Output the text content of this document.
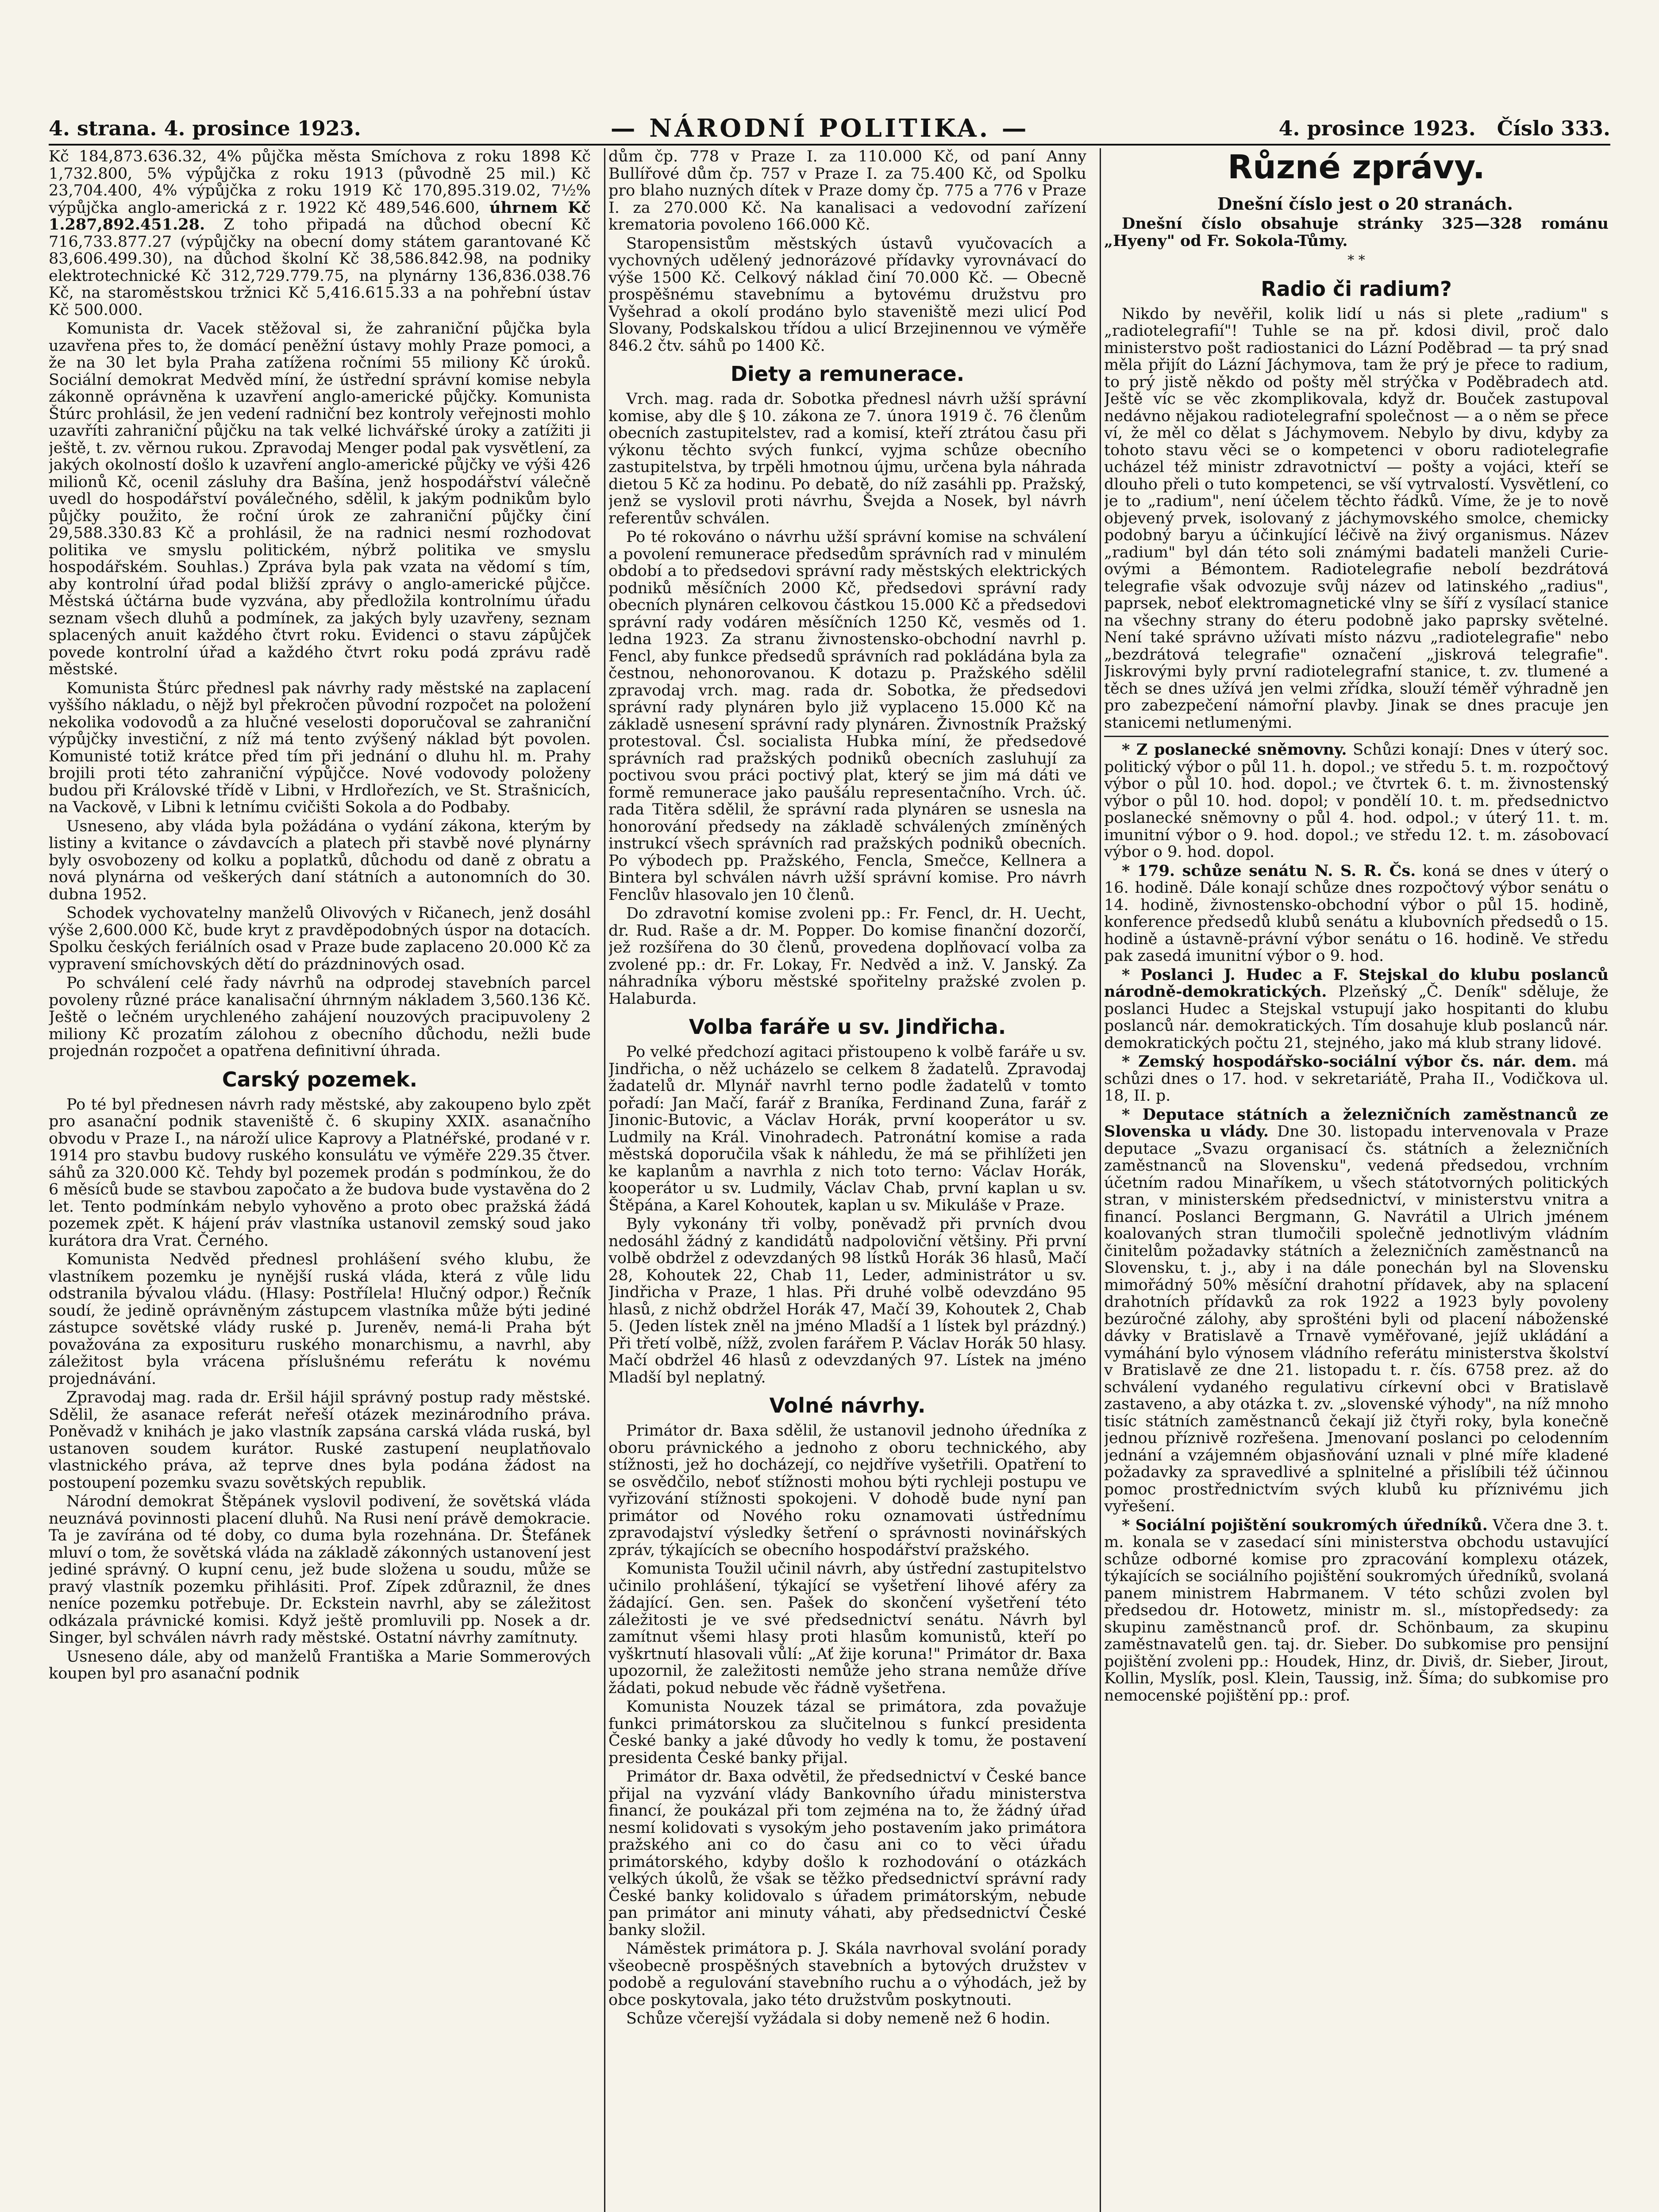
4. strana. 4. prosince 1923.	— NÁRODNÍ POLITIKA. —	4. prosince 1923. Číslo 333.

Kč 184,873.636.32, 4% půjčka města Smíchova z roku 1898 Kč 1,732.800, 5% výpůjčka z roku 1913 (původně 25 mil.) Kč 23,704.400, 4% výpůjčka z roku 1919 Kč 170,895.319.02, 7½% výpůjčka anglo-americká z r. 1922 Kč 489,546.600, úhrnem Kč 1.287,892.451.28. Z toho připadá na důchod obecní Kč 716,733.877.27 (výpůjčky na obecní domy státem garantované Kč 83,606.499.30), na důchod školní Kč 38,586.842.98, na podniky elektrotechnické Kč 312,729.779.75, na plynárny 136,836.038.76 Kč, na staroměstskou tržnici Kč 5,416.615.33 a na pohřební ústav Kč 500.000.

Komunista dr. Vacek stěžoval si, že zahraniční půjčka byla uzavřena přes to, že domácí peněžní ústavy mohly Praze pomoci, a že na 30 let byla Praha zatížena ročními 55 miliony Kč úroků. Sociální demokrat Medvěd míní, že ústřední správní komise nebyla zákonně oprávněna k uzavření anglo-americké půjčky. Komunista Štúrc prohlásil, že jen vedení radniční bez kontroly veřejnosti mohlo uzavříti zahraniční půjčku na tak velké lichvářské úroky a zatížiti ji ještě, t. zv. věrnou rukou. Zpravodaj Menger podal pak vysvětlení, za jakých okolností došlo k uzavření anglo-americké půjčky ve výši 426 milionů Kč, ocenil zásluhy dra Bašína, jenž hospodářství válečně uvedl do hospodářství poválečného, sdělil, k jakým podnikům bylo půjčky použito, že roční úrok ze zahraniční půjčky činí 29,588.330.83 Kč a prohlásil, že na radnici nesmí rozhodovat politika ve smyslu politickém, nýbrž politika ve smyslu hospodářském. Souhlas.) Zpráva byla pak vzata na vědomí s tím, aby kontrolní úřad podal bližší zprávy o anglo-americké půjčce. Městská účtárna bude vyzvána, aby předložila kontrolnímu úřadu seznam všech dluhů a podmínek, za jakých byly uzavřeny, seznam splacených anuit každého čtvrt roku. Evidenci o stavu zápůjček povede kontrolní úřad a každého čtvrt roku podá zprávu radě městské.

Komunista Štúrc přednesl pak návrhy rady městské na zaplacení vyššího nákladu, o nějž byl překročen původní rozpočet na položení nekolika vodovodů a za hlučné veselosti doporučoval se zahraniční výpůjčky investiční, z níž má tento zvýšený náklad být povolen. Komunisté totiž krátce před tím při jednání o dluhu hl. m. Prahy brojili proti této zahraniční výpůjčce. Nové vodovody položeny budou při Královské třídě v Libni, v Hrdlořezích, ve St. Strašnicích, na Vackově, v Libni k letnímu cvičišti Sokola a do Podbaby.

Usneseno, aby vláda byla požádána o vydání zákona, kterým by listiny a kvitance o závdavcích a platech při stavbě nové plynárny byly osvobozeny od kolku a poplatků, důchodu od daně z obratu a nová plynárna od veškerých daní státních a autonomních do 30. dubna 1952.

Schodek vychovatelny manželů Olivových v Ričanech, jenž dosáhl výše 2,600.000 Kč, bude kryt z pravděpodobných úspor na dotacích. Spolku českých feriálních osad v Praze bude zaplaceno 20.000 Kč za vypravení smíchovských dětí do prázdninových osad.

Po schválení celé řady návrhů na odprodej stavebních parcel povoleny různé práce kanalisační úhrnným nákladem 3,560.136 Kč. Ještě o lečném urychleného zahájení nouzových pracipuvoleny 2 miliony Kč prozatím zálohou z obecního důchodu, nežli bude projednán rozpočet a opatřena definitivní úhrada.

Carský pozemek.

Po té byl přednesen návrh rady městské, aby zakoupeno bylo zpět pro asanační podnik staveniště č. 6 skupiny XXIX. asanačního obvodu v Praze I., na nároží ulice Kaprovy a Platnéřské, prodané v r. 1914 pro stavbu budovy ruského konsulátu ve výměře 229.35 čtver. sáhů za 320.000 Kč. Tehdy byl pozemek prodán s podmínkou, že do 6 měsíců bude se stavbou započato a že budova bude vystavěna do 2 let. Tento podmínkám nebylo vyhověno a proto obec pražská žádá pozemek zpět. K hájení práv vlastníka ustanovil zemský soud jako kurátora dra Vrat. Černého.

Komunista Nedvěd přednesl prohlášení svého klubu, že vlastníkem pozemku je nynější ruská vláda, která z vůle lidu odstranila bývalou vládu. (Hlasy: Postřílela! Hlučný odpor.) Řečník soudí, že jedině oprávněným zástupcem vlastníka může býti jediné zástupce sovětské vlády ruské p. Jureněv, nemá-li Praha být považována za exposituru ruského monarchismu, a navrhl, aby záležitost byla vrácena příslušnému referátu k novému projednávání.

Zpravodaj mag. rada dr. Eršil hájil správný postup rady městské. Sdělil, že asanace referát neřeší otázek mezinárodního práva. Poněvadž v knihách je jako vlastník zapsána carská vláda ruská, byl ustanoven soudem kurátor. Ruské zastupení neuplatňovalo vlastnického práva, až teprve dnes byla podána žádost na postoupení pozemku svazu sovětských republik.

Národní demokrat Štěpánek vyslovil podivení, že sovětská vláda neuznává povinnosti placení dluhů. Na Rusi není právě demokracie. Ta je zavírána od té doby, co duma byla rozehnána. Dr. Štefánek mluví o tom, že sovětská vláda na základě zákonných ustanovení jest jediné správný. O kupní cenu, jež bude složena u soudu, může se pravý vlastník pozemku přihlásiti. Prof. Zípek zdůraznil, že dnes neníce pozemku potřebuje. Dr. Eckstein navrhl, aby se záležitost odkázala právnické komisi. Když ještě promluvili pp. Nosek a dr. Singer, byl schválen návrh rady městské. Ostatní návrhy zamítnuty.

Usneseno dále, aby od manželů Františka a Marie Sommerových koupen byl pro asanační podnik

dům čp. 778 v Praze I. za 110.000 Kč, od paní Anny Bullířové dům čp. 757 v Praze I. za 75.400 Kč, od Spolku pro blaho nuzných dítek v Praze domy čp. 775 a 776 v Praze I. za 270.000 Kč. Na kanalisaci a vedovodní zařízení krematoria povoleno 166.000 Kč.

Staropensistům městských ústavů vyučovacích a vychovných udělený jednorázové přídavky vyrovnávací do výše 1500 Kč. Celkový náklad činí 70.000 Kč. — Obecně prospěšnému stavebnímu a bytovému družstvu pro Vyšehrad a okolí prodáno bylo staveniště mezi ulicí Pod Slovany, Podskalskou třídou a ulicí Brzejinennou ve výměře 846.2 čtv. sáhů po 1400 Kč.

Diety a remunerace.

Vrch. mag. rada dr. Sobotka přednesl návrh užší správní komise, aby dle § 10. zákona ze 7. února 1919 č. 76 členům obecních zastupitelstev, rad a komisí, kteří ztrátou času při výkonu těchto svých funkcí, vyjma schůze obecního zastupitelstva, by trpěli hmotnou újmu, určena byla náhrada dietou 5 Kč za hodinu. Po debatě, do níž zasáhli pp. Pražský, jenž se vyslovil proti návrhu, Švejda a Nosek, byl návrh referentův schválen.

Po té rokováno o návrhu užší správní komise na schválení a povolení remunerace předsedům správních rad v minulém období a to předsedovi správní rady městských elektrických podniků měsíčních 2000 Kč, předsedovi správní rady obecních plynáren celkovou částkou 15.000 Kč a předsedovi správní rady vodáren měsíčních 1250 Kč, vesměs od 1. ledna 1923. Za stranu živnostensko-obchodní navrhl p. Fencl, aby funkce předsedů správních rad pokládána byla za čestnou, nehonorovanou. K dotazu p. Pražského sdělil zpravodaj vrch. mag. rada dr. Sobotka, že předsedovi správní rady plynáren bylo již vyplaceno 15.000 Kč na základě usnesení správní rady plynáren. Živnostník Pražský protestoval. Čsl. socialista Hubka míní, že předsedové správních rad pražských podniků obecních zasluhují za poctivou svou práci poctivý plat, který se jim má dáti ve formě remunerace jako paušálu representačního. Vrch. úč. rada Titěra sdělil, že správní rada plynáren se usnesla na honorování předsedy na základě schválených zmíněných instrukcí všech správních rad pražských podniků obecních. Po výbodech pp. Pražského, Fencla, Smečce, Kellnera a Bintera byl schválen návrh užší správní komise. Pro návrh Fenclův hlasovalo jen 10 členů.

Do zdravotní komise zvoleni pp.: Fr. Fencl, dr. H. Uecht, dr. Rud. Raše a dr. M. Popper. Do komise finanční dozorčí, jež rozšířena do 30 členů, provedena doplňovací volba za zvolené pp.: dr. Fr. Lokay, Fr. Nedvěd a inž. V. Janský. Za náhradníka výboru městské spořitelny pražské zvolen p. Halaburda.

Volba faráře u sv. Jindřicha.

Po velké předchozí agitaci přistoupeno k volbě faráře u sv. Jindřicha, o něž ucházelo se celkem 8 žadatelů. Zpravodaj žadatelů dr. Mlynář navrhl terno podle žadatelů v tomto pořadí: Jan Mačí, farář z Braníka, Ferdinand Zuna, farář z Jinonic-Butovic, a Václav Horák, první kooperátor u sv. Ludmily na Král. Vinohradech. Patronátní komise a rada městská doporučila však k náhledu, že má se přihlížeti jen ke kaplanům a navrhla z nich toto terno: Václav Horák, kooperátor u sv. Ludmily, Václav Chab, první kaplan u sv. Štěpána, a Karel Kohoutek, kaplan u sv. Mikuláše v Praze.

Byly vykonány tři volby, poněvadž při prvních dvou nedosáhl žádný z kandidátů nadpoloviční většiny. Při první volbě obdržel z odevzdaných 98 lístků Horák 36 hlasů, Mačí 28, Kohoutek 22, Chab 11, Leder, administrátor u sv. Jindřicha v Praze, 1 hlas. Při druhé volbě odevzdáno 95 hlasů, z nichž obdržel Horák 47, Mačí 39, Kohoutek 2, Chab 5. (Jeden lístek zněl na jméno Mladší a 1 lístek byl prázdný.) Při třetí volbě, nížž, zvolen farářem P. Václav Horák 50 hlasy. Mačí obdržel 46 hlasů z odevzdaných 97. Lístek na jméno Mladší byl neplatný.

Volné návrhy.

Primátor dr. Baxa sdělil, že ustanovil jednoho úředníka z oboru právnického a jednoho z oboru technického, aby stížnosti, jež ho docházejí, co nejdříve vyšetřili. Opatření to se osvědčilo, neboť stížnosti mohou býti rychleji postupu ve vyřizování stížnosti spokojeni. V dohodě bude nyní pan primátor od Nového roku oznamovati ústřednímu zpravodajství výsledky šetření o správnosti novinářských zpráv, týkajících se obecního hospodářství pražského.

Komunista Toužil učinil návrh, aby ústřední zastupitelstvo učinilo prohlášení, týkající se vyšetření lihové aféry za žádající. Gen. sen. Pašek do skončení vyšetření této záležitosti je ve své předsednictví senátu. Návrh byl zamítnut všemi hlasy proti hlasům komunistů, kteří po vyškrtnutí hlasovali vůlí: „Ať žije koruna!" Primátor dr. Baxa upozornil, že zaležitosti nemůže jeho strana nemůže dříve žádati, pokud nebude věc řádně vyšetřena.

Komunista Nouzek tázal se primátora, zda považuje funkci primátorskou za slučitelnou s funkcí presidenta České banky a jaké důvody ho vedly k tomu, že postavení presidenta České banky přijal.

Primátor dr. Baxa odvětil, že předsednictví v České bance přijal na vyzvání vlády Bankovního úřadu ministerstva financí, že poukázal při tom zejména na to, že žádný úřad nesmí kolidovati s vysokým jeho postavením jako primátora pražského ani co do času ani co to věci úřadu primátorského, kdyby došlo k rozhodování o otázkách velkých úkolů, že však se těžko předsednictví správní rady České banky kolidovalo s úřadem primátorským, nebude pan primátor ani minuty váhati, aby předsednictví České banky složil.

Náměstek primátora p. J. Skála navrhoval svolání porady všeobecně prospěšných stavebních a bytových družstev v podobě a regulování stavebního ruchu a o výhodách, jež by obce poskytovala, jako této družstvům poskytnouti.

Schůze včerejší vyžádala si doby nemeně než 6 hodin.

Různé zprávy.

Dnešní číslo jest o 20 stranách.

Dnešní číslo obsahuje stránky 325—328 románu „Hyeny" od Fr. Sokola-Tůmy.

* *
Radio či radium?

Nikdo by nevěřil, kolik lidí u nás si plete „radium" s „radiotelegrafií"! Tuhle se na př. kdosi divil, proč dalo ministerstvo pošt radiostanici do Lázní Poděbrad — ta prý snad měla přijít do Lázní Jáchymova, tam že prý je přece to radium, to prý jistě někdo od pošty měl strýčka v Poděbradech atd. Ještě víc se věc zkomplikovala, když dr. Bouček zastupoval nedávno nějakou radiotelegrafní společnost — a o něm se přece ví, že měl co dělat s Jáchymovem. Nebylo by divu, kdyby za tohoto stavu věci se o kompetenci v oboru radiotelegrafie ucházel též ministr zdravotnictví — pošty a vojáci, kteří se dlouho přeli o tuto kompetenci, se vší vytrvalostí. Vysvětlení, co je to „radium", není účelem těchto řádků. Víme, že je to nově objevený prvek, isolovaný z jáchymovského smolce, chemicky podobný baryu a účinkující léčivě na živý organismus. Název „radium" byl dán této soli známými badateli manželi Curie-ovými a Bémontem. Radiotelegrafie nebolí bezdrátová telegrafie však odvozuje svůj název od latinského „radius", paprsek, neboť elektromagnetické vlny se šíří z vysílací stanice na všechny strany do éteru podobně jako paprsky světelné. Není také správno užívati místo názvu „radiotelegrafie" nebo „bezdrátová telegrafie" označení „jiskrová telegrafie". Jiskrovými byly první radiotelegrafní stanice, t. zv. tlumené a těch se dnes užívá jen velmi zřídka, slouží téměř výhradně jen pro zabezpečení námořní plavby. Jinak se dnes pracuje jen stanicemi netlumenými.

* Z poslanecké sněmovny. Schůzi konají: Dnes v úterý soc. politický výbor o půl 11. h. dopol.; ve středu 5. t. m. rozpočtový výbor o půl 10. hod. dopol.; ve čtvrtek 6. t. m. živnostenský výbor o půl 10. hod. dopol; v pondělí 10. t. m. předsednictvo poslanecké sněmovny o půl 4. hod. odpol.; v úterý 11. t. m. imunitní výbor o 9. hod. dopol.; ve středu 12. t. m. zásobovací výbor o 9. hod. dopol.

* 179. schůze senátu N. S. R. Čs. koná se dnes v úterý o 16. hodině. Dále konají schůze dnes rozpočtový výbor senátu o 14. hodině, živnostensko-obchodní výbor o půl 15. hodině, konference předsedů klubů senátu a klubovních předsedů o 15. hodině a ústavně-právní výbor senátu o 16. hodině. Ve středu pak zasedá imunitní výbor o 9. hod.

* Poslanci J. Hudec a F. Stejskal do klubu poslanců národně-demokratických. Plzeňský „Č. Deník" sděluje, že poslanci Hudec a Stejskal vstupují jako hospitanti do klubu poslanců nár. demokratických. Tím dosahuje klub poslanců nár. demokratických počtu 21, stejného, jako má klub strany lidové.

* Zemský hospodářsko-sociální výbor čs. nár. dem. má schůzi dnes o 17. hod. v sekretariátě, Praha II., Vodičkova ul. 18, II. p.

* Deputace státních a železničních zaměstnanců ze Slovenska u vlády. Dne 30. listopadu intervenovala v Praze deputace „Svazu organisací čs. státních a železničních zaměstnanců na Slovensku", vedená předsedou, vrchním účetním radou Minaříkem, u všech státotvorných politických stran, v ministerském předsednictví, v ministerstvu vnitra a financí. Poslanci Bergmann, G. Navrátil a Ulrich jménem koalovaných stran tlumočili společně jednotlivým vládním činitelům požadavky státních a železničních zaměstnanců na Slovensku, t. j., aby i na dále ponechán byl na Slovensku mimořádný 50% měsíční drahotní přídavek, aby na splacení drahotních přídavků za rok 1922 a 1923 byly povoleny bezúročné zálohy, aby sprošténi byli od placení náboženské dávky v Bratislavě a Trnavě vyměřované, jejíž ukládání a vymáhání bylo výnosem vládního referátu ministerstva školství v Bratislavě ze dne 21. listopadu t. r. čís. 6758 prez. až do schválení vydaného regulativu církevní obci v Bratislavě zastaveno, a aby otázka t. zv. „slovenské výhody", na níž mnoho tisíc státních zaměstnanců čekají již čtyři roky, byla konečně jednou příznivě rozřešena. Jmenovaní poslanci po celodenním jednání a vzájemném objasňování uznali v plné míře kladené požadavky za spravedlivé a splnitelné a přislíbili též účinnou pomoc prostřednictvím svých klubů ku příznivému jich vyřešení.

* Sociální pojištění soukromých úředníků. Včera dne 3. t. m. konala se v zasedací síni ministerstva obchodu ustavující schůze odborné komise pro zpracování komplexu otázek, týkajících se sociálního pojištění soukromých úředníků, svolaná panem ministrem Habrmanem. V této schůzi zvolen byl předsedou dr. Hotowetz, ministr m. sl., místopředsedy: za skupinu zaměstnanců prof. dr. Schönbaum, za skupinu zaměstnavatelů gen. taj. dr. Sieber. Do subkomise pro pensijní pojištění zvoleni pp.: Houdek, Hinz, dr. Diviš, dr. Sieber, Jirout, Kollin, Myslík, posl. Klein, Taussig, inž. Šíma; do subkomise pro nemocenské pojištění pp.: prof.
